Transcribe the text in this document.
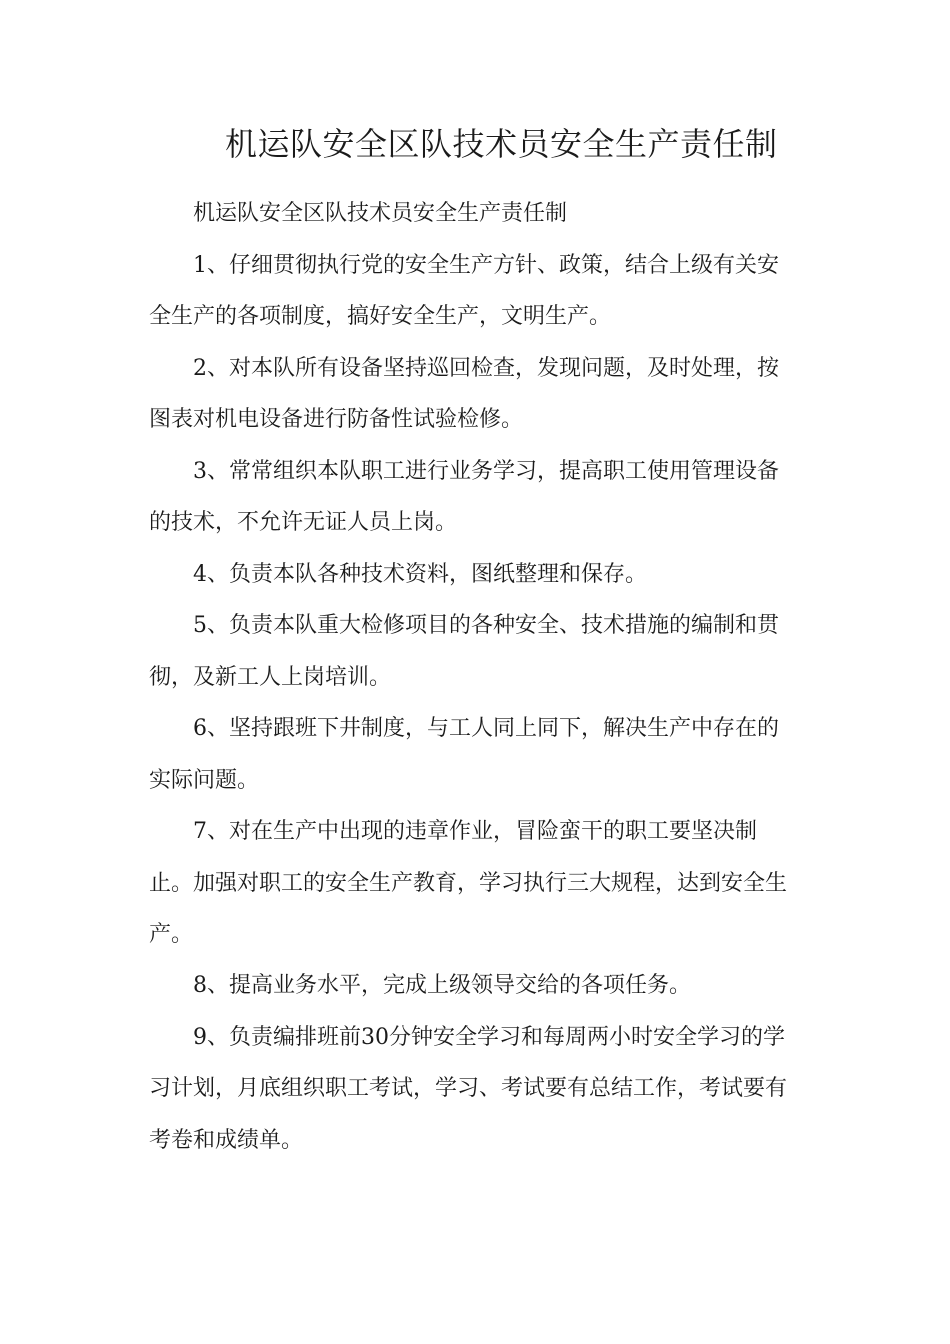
机运队安全区队技术员安全生产责任制

机运队安全区队技术员安全生产责任制

1、仔细贯彻执行党的安全生产方针、政策，结合上级有关安

全生产的各项制度，搞好安全生产，文明生产。

2、对本队所有设备坚持巡回检查，发现问题，及时处理，按

图表对机电设备进行防备性试验检修。

3、常常组织本队职工进行业务学习，提高职工使用管理设备

的技术，不允许无证人员上岗。

4、负责本队各种技术资料，图纸整理和保存。

5、负责本队重大检修项目的各种安全、技术措施的编制和贯

彻，及新工人上岗培训。

6、坚持跟班下井制度，与工人同上同下，解决生产中存在的

实际问题。

7、对在生产中出现的违章作业，冒险蛮干的职工要坚决制

止。加强对职工的安全生产教育，学习执行三大规程，达到安全生

产。

8、提高业务水平，完成上级领导交给的各项任务。

9、负责编排班前30分钟安全学习和每周两小时安全学习的学

习计划，月底组织职工考试，学习、考试要有总结工作，考试要有

考卷和成绩单。
